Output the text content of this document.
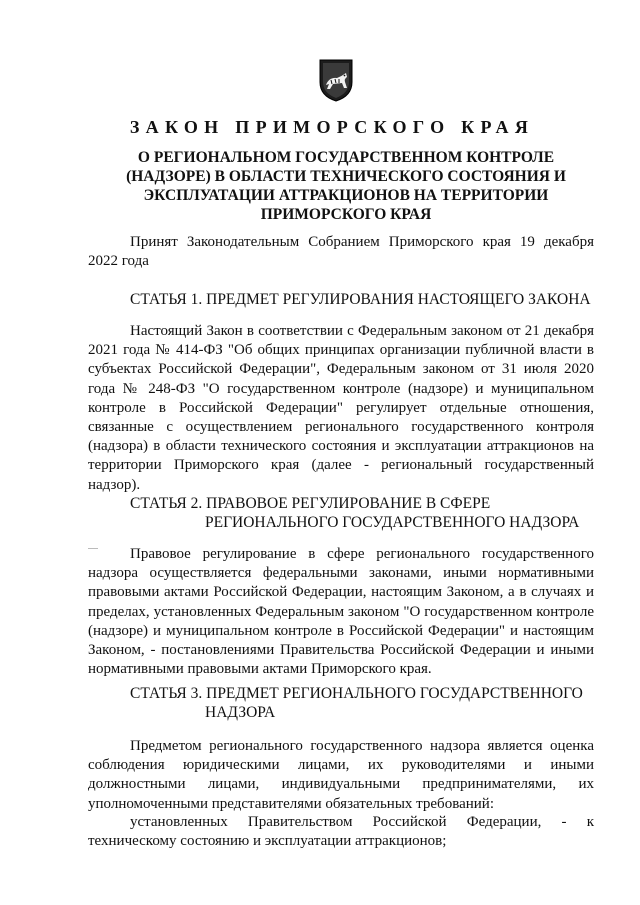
ЗАКОН ПРИМОРСКОГО КРАЯ

О РЕГИОНАЛЬНОМ ГОСУДАРСТВЕННОМ КОНТРОЛЕ (НАДЗОРЕ) В ОБЛАСТИ ТЕХНИЧЕСКОГО СОСТОЯНИЯ И ЭКСПЛУАТАЦИИ АТТРАКЦИОНОВ НА ТЕРРИТОРИИ ПРИМОРСКОГО КРАЯ

Принят Законодательным Собранием Приморского края 19 декабря 2022 года

СТАТЬЯ 1. ПРЕДМЕТ РЕГУЛИРОВАНИЯ НАСТОЯЩЕГО ЗАКОНА

Настоящий Закон в соответствии с Федеральным законом от 21 декабря 2021 года № 414-ФЗ "Об общих принципах организации публичной власти в субъектах Российской Федерации", Федеральным законом от 31 июля 2020 года № 248-ФЗ "О государственном контроле (надзоре) и муниципальном контроле в Российской Федерации" регулирует отдельные отношения, связанные с осуществлением регионального государственного контроля (надзора) в области технического состояния и эксплуатации аттракционов на территории Приморского края (далее - региональный государственный надзор).

СТАТЬЯ 2. ПРАВОВОЕ РЕГУЛИРОВАНИЕ В СФЕРЕ

РЕГИОНАЛЬНОГО ГОСУДАРСТВЕННОГО НАДЗОРА

Правовое регулирование в сфере регионального государственного надзора осуществляется федеральными законами, иными нормативными правовыми актами Российской Федерации, настоящим Законом, а в случаях и пределах, установленных Федеральным законом "О государственном контроле (надзоре) и муниципальном контроле в Российской Федерации" и настоящим Законом, - постановлениями Правительства Российской Федерации и иными нормативными правовыми актами Приморского края.

СТАТЬЯ 3. ПРЕДМЕТ РЕГИОНАЛЬНОГО ГОСУДАРСТВЕННОГО

НАДЗОРА

Предметом регионального государственного надзора является оценка соблюдения юридическими лицами, их руководителями и иными должностными лицами, индивидуальными предпринимателями, их уполномоченными представителями обязательных требований:

установленных Правительством Российской Федерации, - к техническому состоянию и эксплуатации аттракционов;
